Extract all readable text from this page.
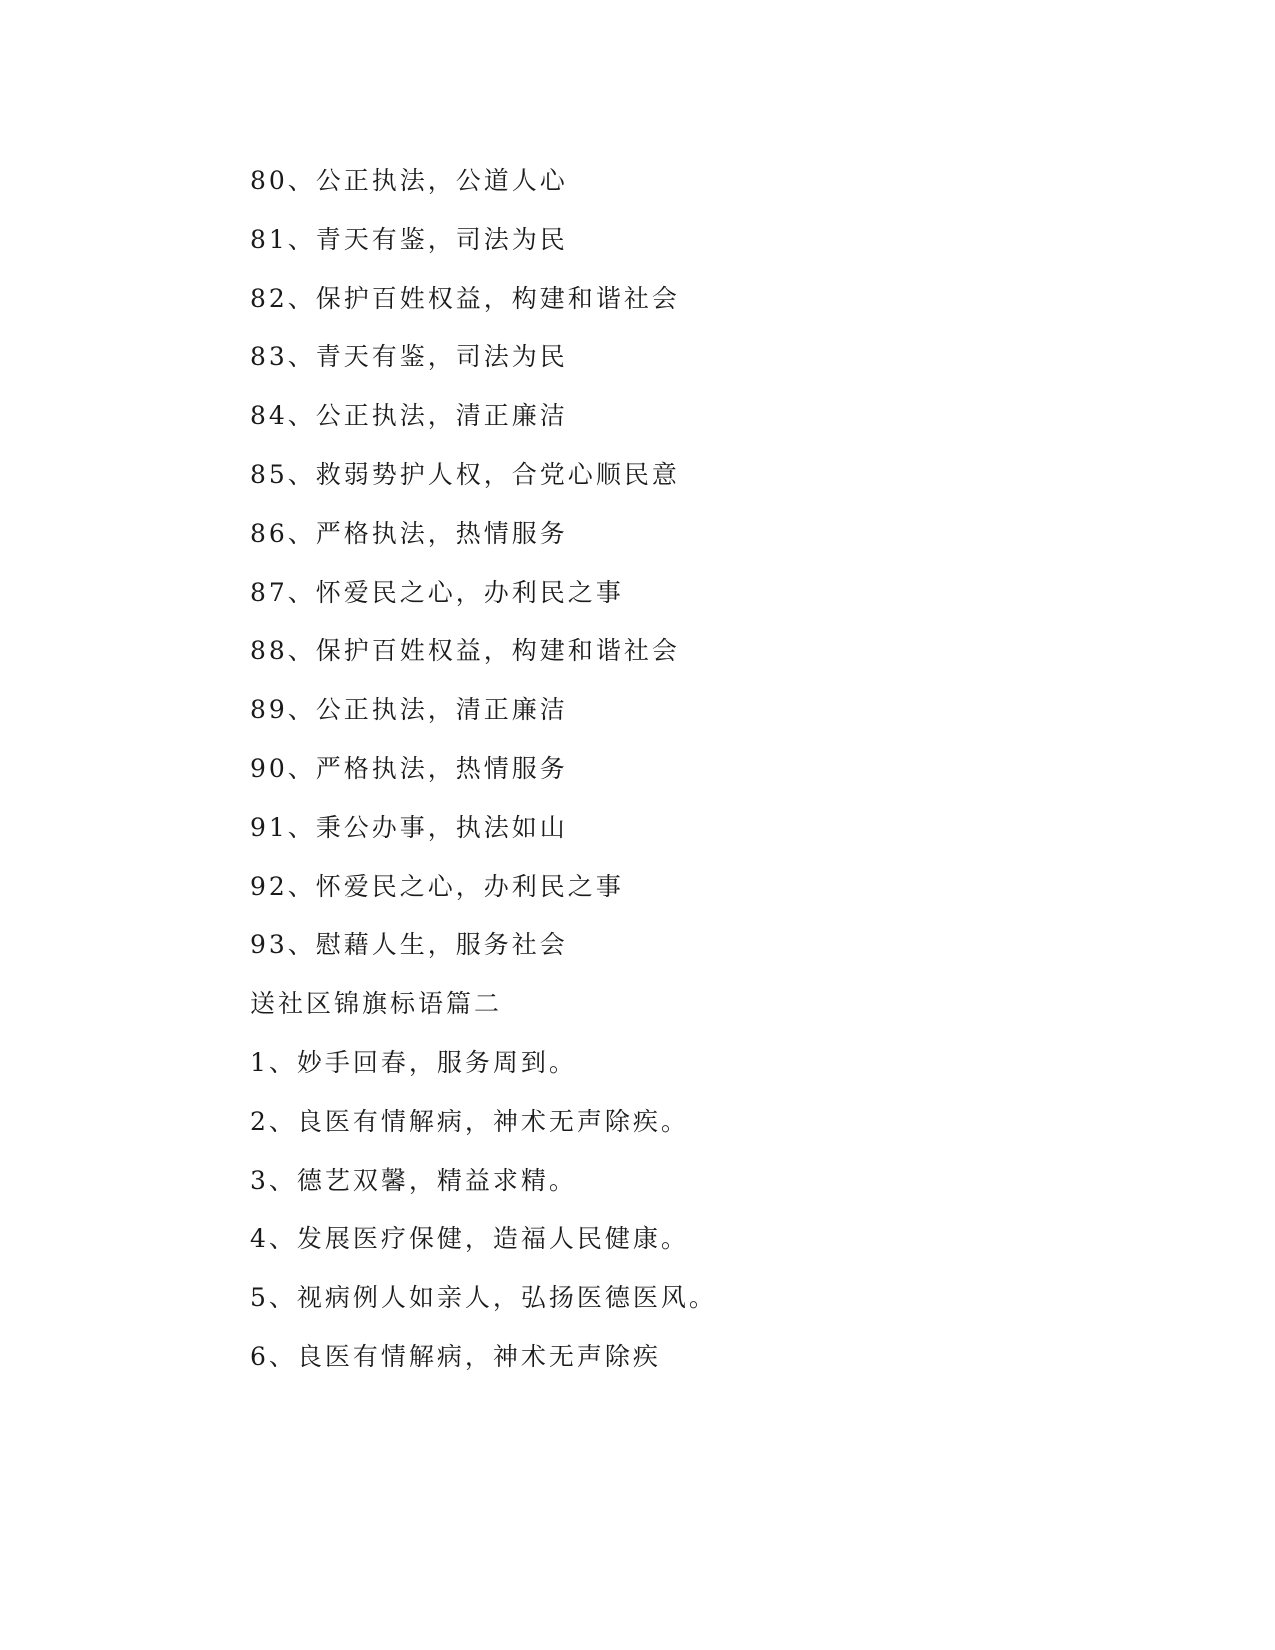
80、公正执法，公道人心
81、青天有鉴，司法为民
82、保护百姓权益，构建和谐社会
83、青天有鉴，司法为民
84、公正执法，清正廉洁
85、救弱势护人权，合党心顺民意
86、严格执法，热情服务
87、怀爱民之心，办利民之事
88、保护百姓权益，构建和谐社会
89、公正执法，清正廉洁
90、严格执法，热情服务
91、秉公办事，执法如山
92、怀爱民之心，办利民之事
93、慰藉人生，服务社会
送社区锦旗标语篇二
1、妙手回春，服务周到。
2、良医有情解病，神术无声除疾。
3、德艺双馨，精益求精。
4、发展医疗保健，造福人民健康。
5、视病例人如亲人，弘扬医德医风。
6、良医有情解病，神术无声除疾
